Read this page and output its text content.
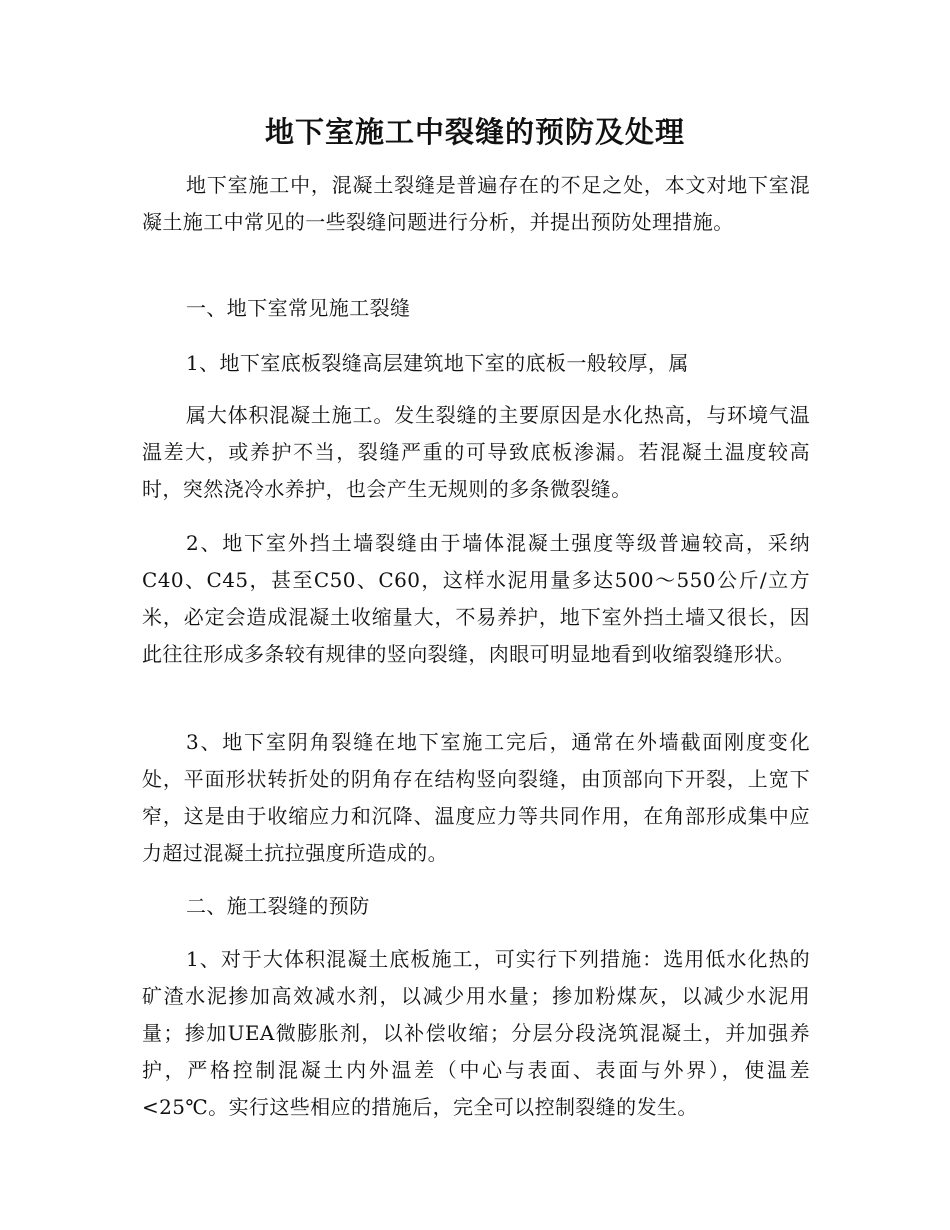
地下室施工中裂缝的预防及处理

地下室施工中，混凝土裂缝是普遍存在的不足之处，本文对地下室混凝土施工中常见的一些裂缝问题进行分析，并提出预防处理措施。

一、地下室常见施工裂缝

1、地下室底板裂缝高层建筑地下室的底板一般较厚，属

属大体积混凝土施工。发生裂缝的主要原因是水化热高，与环境气温温差大，或养护不当，裂缝严重的可导致底板渗漏。若混凝土温度较高时，突然浇冷水养护，也会产生无规则的多条微裂缝。

2、地下室外挡土墙裂缝由于墙体混凝土强度等级普遍较高，采纳C40、C45，甚至C50、C60，这样水泥用量多达500～550公斤/立方米，必定会造成混凝土收缩量大，不易养护，地下室外挡土墙又很长，因此往往形成多条较有规律的竖向裂缝，肉眼可明显地看到收缩裂缝形状。

3、地下室阴角裂缝在地下室施工完后，通常在外墙截面刚度变化处，平面形状转折处的阴角存在结构竖向裂缝，由顶部向下开裂，上宽下窄，这是由于收缩应力和沉降、温度应力等共同作用，在角部形成集中应力超过混凝土抗拉强度所造成的。

二、施工裂缝的预防

1、对于大体积混凝土底板施工，可实行下列措施：选用低水化热的矿渣水泥掺加高效减水剂，以减少用水量；掺加粉煤灰，以减少水泥用量；掺加UEA微膨胀剂，以补偿收缩；分层分段浇筑混凝土，并加强养护，严格控制混凝土内外温差（中心与表面、表面与外界），使温差<25℃。实行这些相应的措施后，完全可以控制裂缝的发生。
